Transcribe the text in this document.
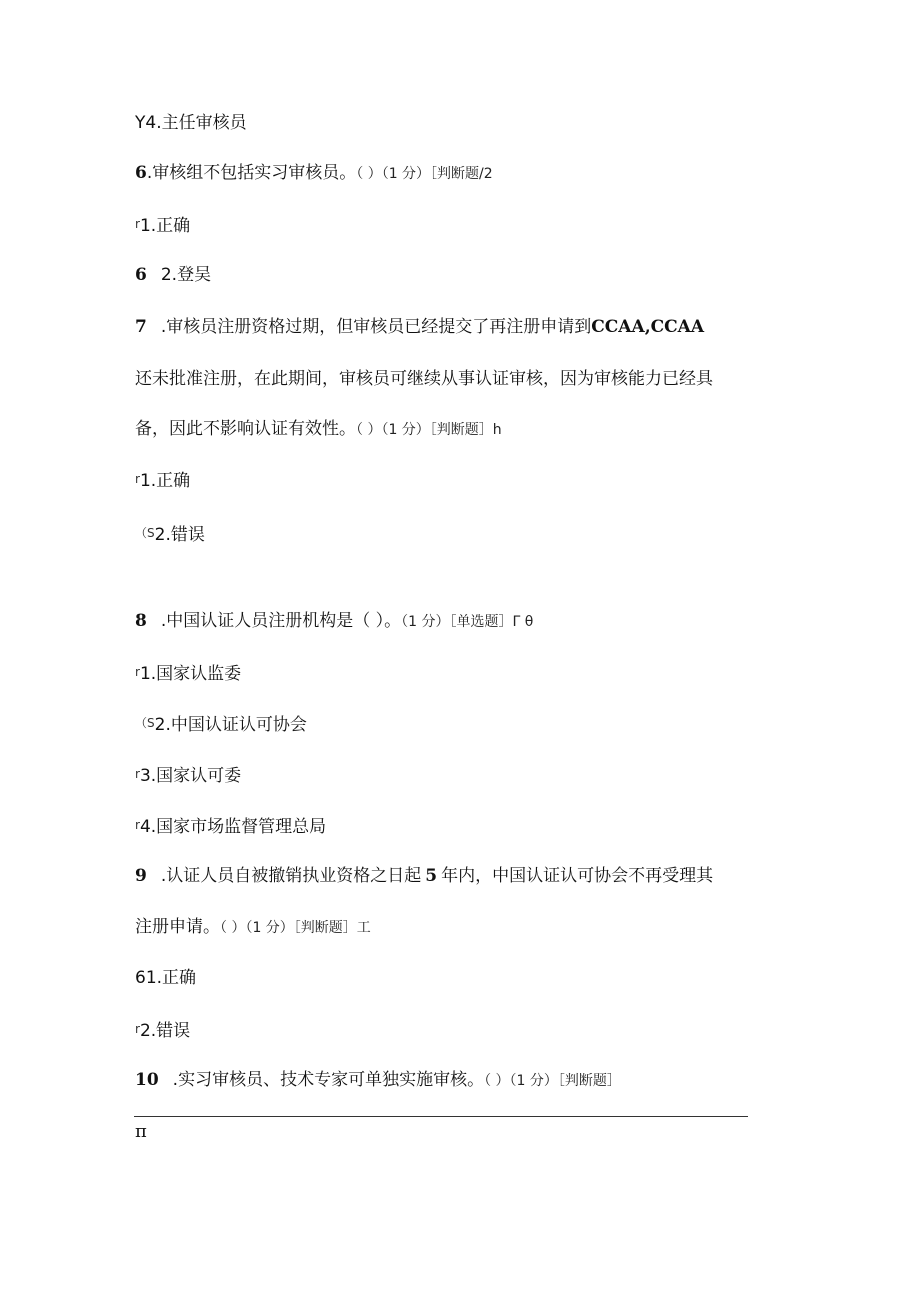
Y4.主任审核员
6.审核组不包括实习审核员。（ ）（1 分）［判断题/2
r1.正确
6 2.登吴
7 .审核员注册资格过期，但审核员已经提交了再注册申请到CCAA,CCAA
还未批准注册，在此期间，审核员可继续从事认证审核，因为审核能力已经具
备，因此不影响认证有效性。（ ）（1 分）［判断题］h
r1.正确
（S2.错误
8 .中国认证人员注册机构是（ ）。（1 分）［单选题］Γ θ
r1.国家认监委
（S2.中国认证认可协会
r3.国家认可委
r4.国家市场监督管理总局
9 .认证人员自被撤销执业资格之日起 5 年内，中国认证认可协会不再受理其
注册申请。（ ）（1 分）［判断题］工
61.正确
r2.错误
10 .实习审核员、技术专家可单独实施审核。（ ）（1 分）［判断题］
π
